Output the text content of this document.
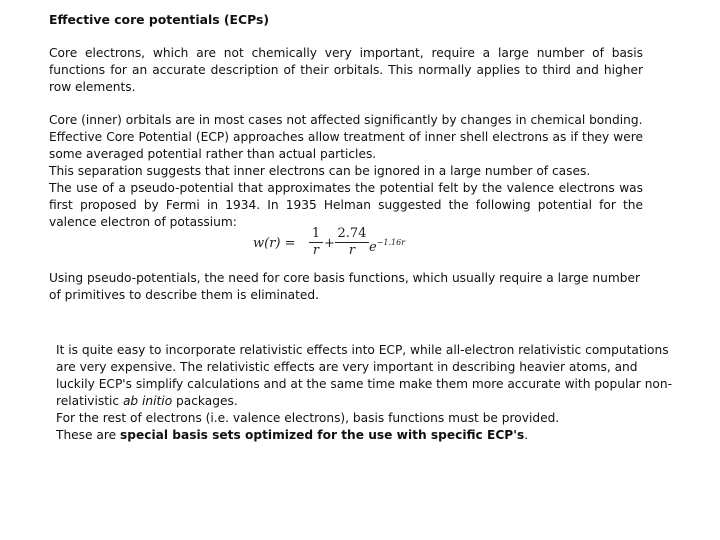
Effective core potentials (ECPs)
Core electrons, which are not chemically very important, require a large number of basis functions for an accurate description of their orbitals. This normally applies to third and higher row elements.
Core (inner) orbitals are in most cases not affected significantly by changes in chemical bonding.
Effective Core Potential (ECP) approaches allow treatment of inner shell electrons as if they were some averaged potential rather than actual particles.
This separation suggests that inner electrons can be ignored in a large number of cases.
The use of a pseudo-potential that approximates the potential felt by the valence electrons was first proposed by Fermi in 1934. In 1935 Helman suggested the following potential for the valence electron of potassium:
$w(r) = \frac{1}{r} + \frac{2.74}{r} e^{-1.16r}$
Using pseudo-potentials, the need for core basis functions, which usually require a large number of primitives to describe them is eliminated.
It is quite easy to incorporate relativistic effects into ECP, while all-electron relativistic computations are very expensive. The relativistic effects are very important in describing heavier atoms, and luckily ECP's simplify calculations and at the same time make them more accurate with popular non-relativistic ab initio packages.
For the rest of electrons (i.e. valence electrons), basis functions must be provided.
These are special basis sets optimized for the use with specific ECP's.
